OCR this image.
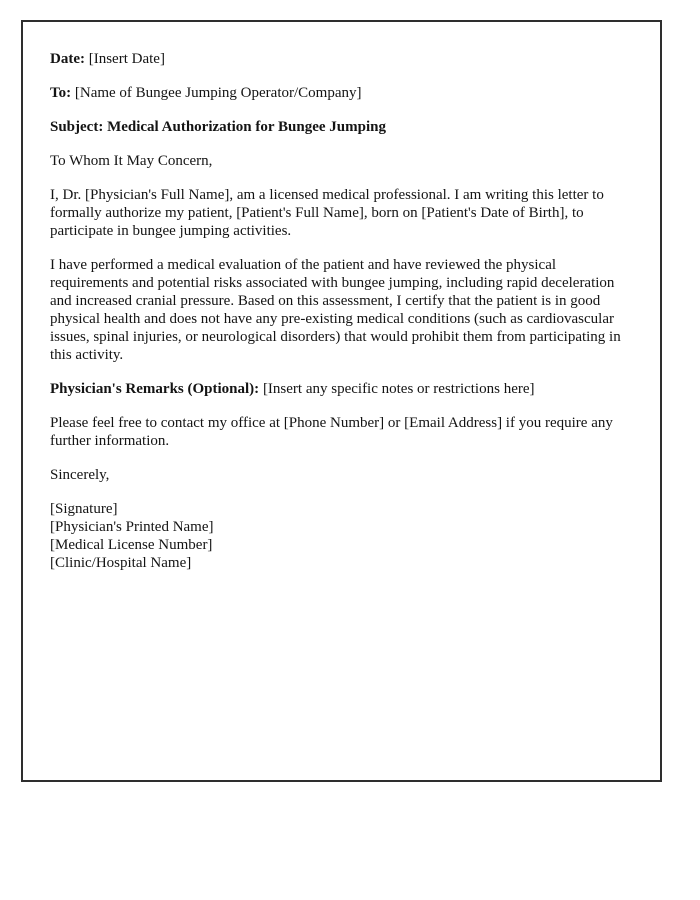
Date: [Insert Date]

To: [Name of Bungee Jumping Operator/Company]

Subject: Medical Authorization for Bungee Jumping

To Whom It May Concern,

I, Dr. [Physician's Full Name], am a licensed medical professional. I am writing this letter to formally authorize my patient, [Patient's Full Name], born on [Patient's Date of Birth], to participate in bungee jumping activities.

I have performed a medical evaluation of the patient and have reviewed the physical requirements and potential risks associated with bungee jumping, including rapid deceleration and increased cranial pressure. Based on this assessment, I certify that the patient is in good physical health and does not have any pre-existing medical conditions (such as cardiovascular issues, spinal injuries, or neurological disorders) that would prohibit them from participating in this activity.

Physician's Remarks (Optional): [Insert any specific notes or restrictions here]

Please feel free to contact my office at [Phone Number] or [Email Address] if you require any further information.

Sincerely,

[Signature]
[Physician's Printed Name]
[Medical License Number]
[Clinic/Hospital Name]
